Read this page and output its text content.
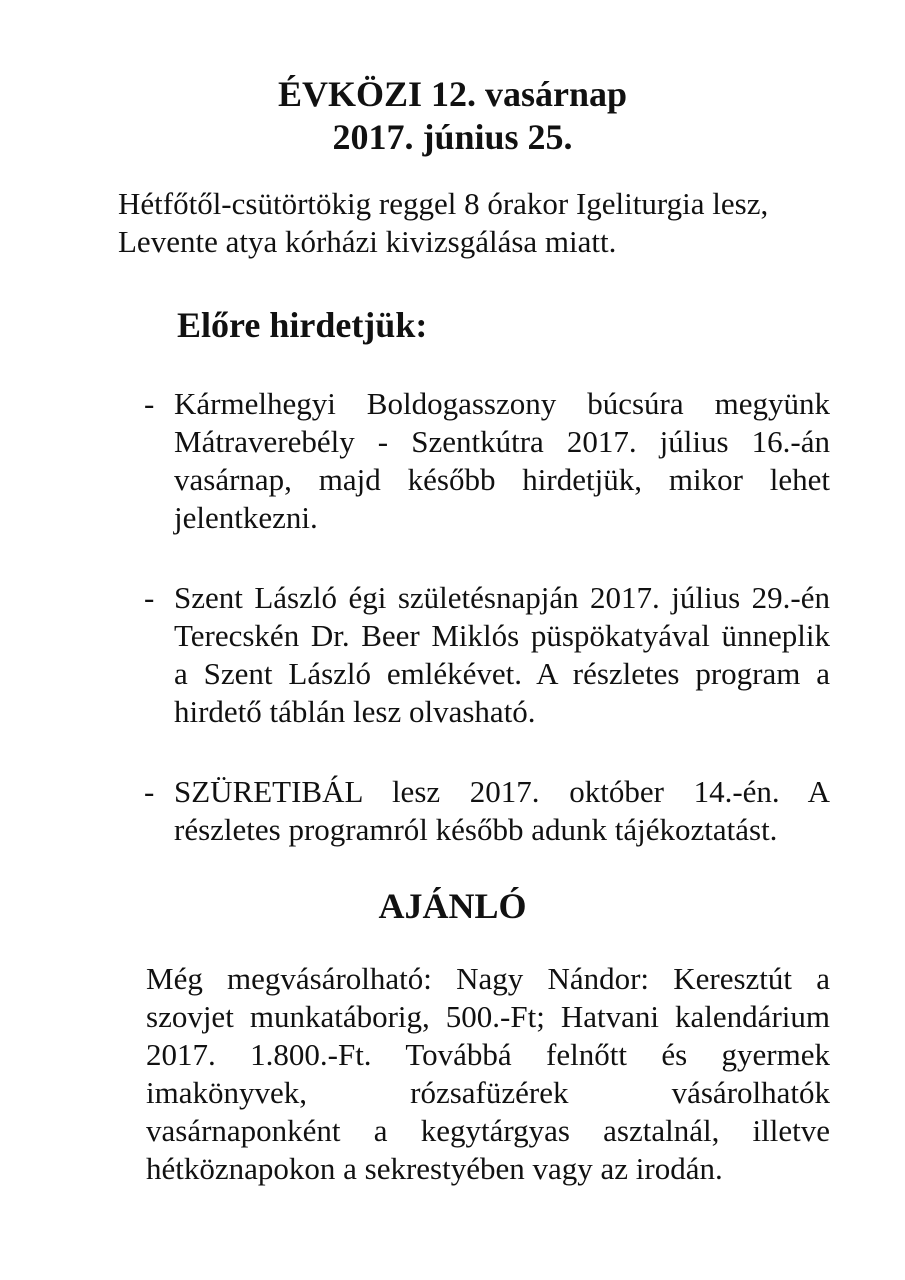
ÉVKÖZI 12. vasárnap
2017. június 25.

Hétfőtől-csütörtökig reggel 8 órakor Igeliturgia lesz,
Levente atya kórházi kivizsgálása miatt.

Előre hirdetjük:
- Kármelhegyi Boldogasszony búcsúra megyünk Mátraverebély - Szentkútra 2017. július 16.-án vasárnap, majd később hirdetjük, mikor lehet jelentkezni.
- Szent László égi születésnapján 2017. július 29.-én Terecskén Dr. Beer Miklós püspökatyával ünneplik a Szent László emlékévet. A részletes program a hirdető táblán lesz olvasható.
- SZÜRETIBÁL lesz 2017. október 14.-én. A részletes programról később adunk tájékoztatást.
AJÁNLÓ

Még megvásárolható: Nagy Nándor: Keresztút a szovjet munkatáborig, 500.-Ft; Hatvani kalendárium 2017. 1.800.-Ft. Továbbá felnőtt és gyermek imakönyvek, rózsafüzérek vásárolhatók vasárnaponként a kegytárgyas asztalnál, illetve hétköznapokon a sekrestyében vagy az irodán.
